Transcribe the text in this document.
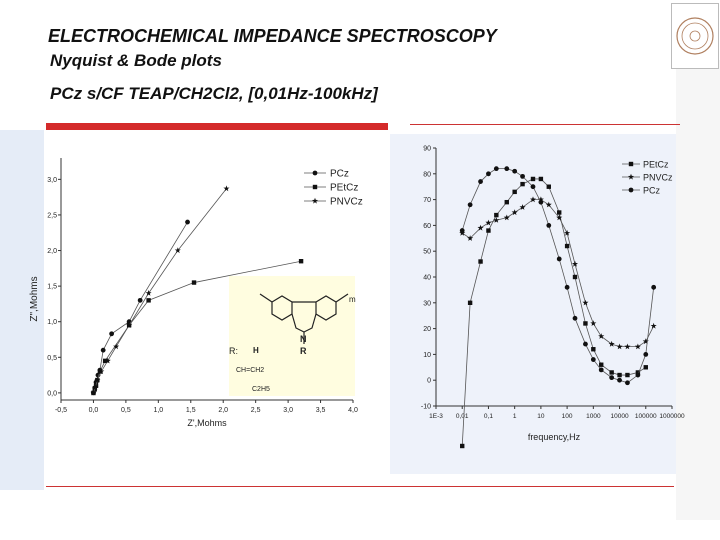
ELECTROCHEMICAL IMPEDANCE SPECTROSCOPY
Nyquist & Bode plots
PCz s/CF TEAP/CH2Cl2, [0,01Hz-100kHz]
-0,5	0,0	0,5	1,0	1,5	2,0	2,5	3,0	3,5	4,0
0,0
0,5
1,0
1,5
2,0
2,5
3,0
Z',Mohms
Z",Mohms
PCz
PEtCz
PNVCz
N
R
m
R: H
CH=CH2
C2H5
1E-3 0,01 0,1	1	10	100 1000 10000 100000 1000000
-10
0
10
20
30
40
50
60
70
80
90
frequency,Hz
PEtCz
PNVCz
PCz
